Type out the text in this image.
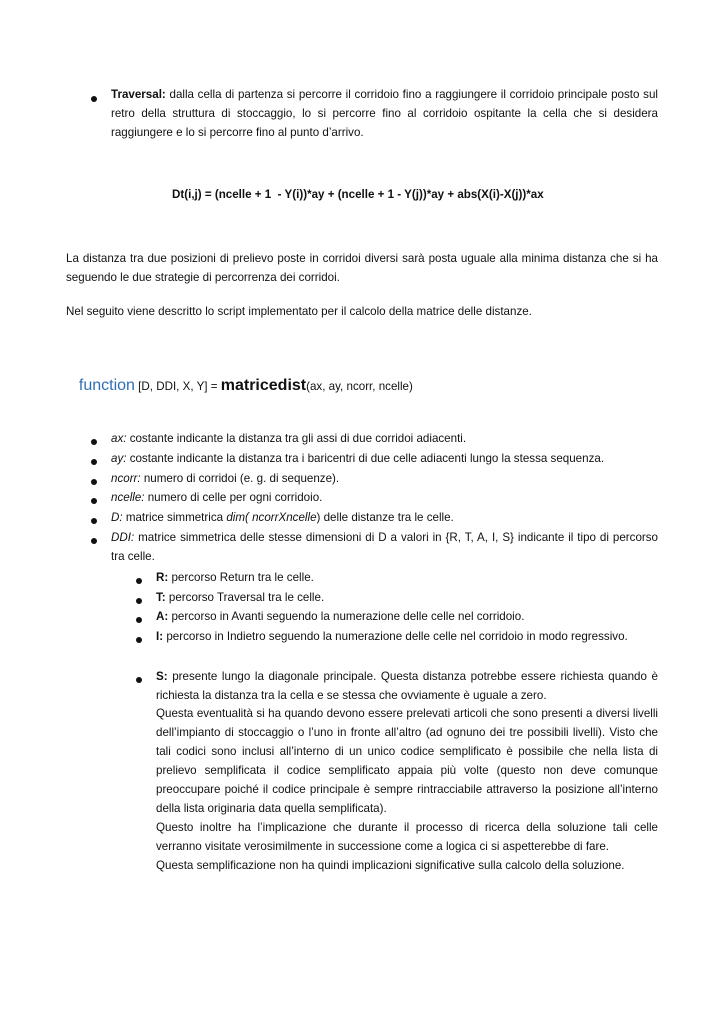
Traversal: dalla cella di partenza si percorre il corridoio fino a raggiungere il corridoio principale posto sul retro della struttura di stoccaggio, lo si percorre fino al corridoio ospitante la cella che si desidera raggiungere e lo si percorre fino al punto d’arrivo.
Dt(i,j) = (ncelle + 1  - Y(i))*ay + (ncelle + 1 - Y(j))*ay + abs(X(i)-X(j))*ax
La distanza tra due posizioni di prelievo poste in corridoi diversi sarà posta uguale alla minima distanza che si ha seguendo le due strategie di percorrenza dei corridoi.
Nel seguito viene descritto lo script implementato per il calcolo della matrice delle distanze.

function [D, DDI, X, Y] = matricedist(ax, ay, ncorr, ncelle)

ax: costante indicante la distanza tra gli assi di due corridoi adiacenti.
ay: costante indicante la distanza tra i baricentri di due celle adiacenti lungo la stessa sequenza.
ncorr: numero di corridoi (e. g. di sequenze).
ncelle: numero di celle per ogni corridoio.
D: matrice simmetrica dim( ncorrXncelle) delle distanze tra le celle.
DDI: matrice simmetrica delle stesse dimensioni di D a valori in {R, T, A, I, S} indicante il tipo di percorso tra celle.
R: percorso Return tra le celle.
T: percorso Traversal tra le celle.
A: percorso in Avanti seguendo la numerazione delle celle nel corridoio.
I: percorso in Indietro seguendo la numerazione delle celle nel corridoio in modo regressivo.
S: presente lungo la diagonale principale. Questa distanza potrebbe essere richiesta quando è richiesta la distanza tra la cella e se stessa che ovviamente è uguale a zero.

Questa eventualità si ha quando devono essere prelevati articoli che sono presenti a diversi livelli dell’impianto di stoccaggio o l’uno in fronte all’altro (ad ognuno dei tre possibili livelli). Visto che tali codici sono inclusi all’interno di un unico codice semplificato è possibile che nella lista di prelievo semplificata il codice semplificato appaia più volte (questo non deve comunque preoccupare poiché il codice principale è sempre rintracciabile attraverso la posizione all’interno della lista originaria data quella semplificata).

Questo inoltre ha l’implicazione che durante il processo di ricerca della soluzione tali celle verranno visitate verosimilmente in successione come a logica ci si aspetterebbe di fare.

Questa semplificazione non ha quindi implicazioni significative sulla calcolo della soluzione.
